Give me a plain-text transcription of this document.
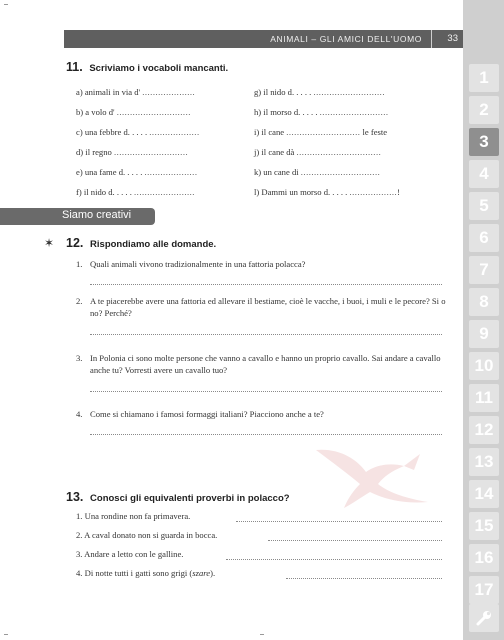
ANIMALI – GLI AMICI DELL'UOMO	33
1
2
3
4
5
6
7
8
9
10
11
12
13
14
15
16
17
11. Scriviamo i vocaboli mancanti.
a) animali in via d' ....................
b) a volo d' ............................
c) una febbre d. . . . . ...................
d) il regno ............................
e) una fame d. . . . . ....................
f) il nido d. . . . . .......................
g) il nido d. . . . . ...........................
h) il morso d. . . . . ..........................
i) il cane ............................ le feste
j) il cane dà ................................
k) un cane di ..............................
l) Dammi un morso d. . . . . ..................!
Siamo creativi
✶ 12. Rispondiamo alle domande.
1. Quali animali vivono tradizionalmente in una fattoria polacca?
2. A te piacerebbe avere una fattoria ed allevare il bestiame, cioè le vacche, i buoi, i muli e le pecore? Si o no? Perché?
3. In Polonia ci sono molte persone che vanno a cavallo e hanno un proprio cavallo. Sai andare a cavallo anche tu? Vorresti avere un cavallo tuo?
4. Come si chiamano i famosi formaggi italiani? Piacciono anche a te?
13. Conosci gli equivalenti proverbi in polacco?
1. Una rondine non fa primavera.
2. A caval donato non si guarda in bocca.
3. Andare a letto con le galline.
4. Di notte tutti i gatti sono grigi (szare).
